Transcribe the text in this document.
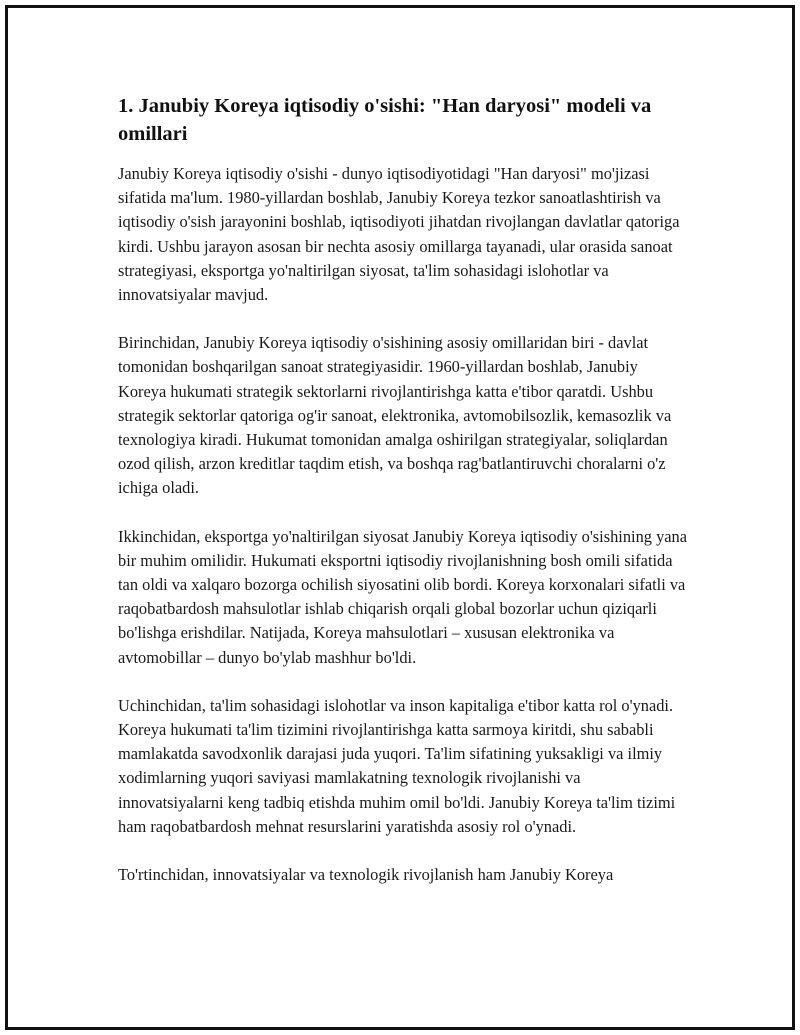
1. Janubiy Koreya iqtisodiy o'sishi: "Han daryosi" modeli va omillari

Janubiy Koreya iqtisodiy o'sishi - dunyo iqtisodiyotidagi "Han daryosi" mo'jizasi sifatida ma'lum. 1980-yillardan boshlab, Janubiy Koreya tezkor sanoatlashtirish va iqtisodiy o'sish jarayonini boshlab, iqtisodiyoti jihatdan rivojlangan davlatlar qatoriga kirdi. Ushbu jarayon asosan bir nechta asosiy omillarga tayanadi, ular orasida sanoat strategiyasi, eksportga yo'naltirilgan siyosat, ta'lim sohasidagi islohotlar va innovatsiyalar mavjud.

Birinchidan, Janubiy Koreya iqtisodiy o'sishining asosiy omillaridan biri - davlat tomonidan boshqarilgan sanoat strategiyasidir. 1960-yillardan boshlab, Janubiy Koreya hukumati strategik sektorlarni rivojlantirishga katta e'tibor qaratdi. Ushbu strategik sektorlar qatoriga og'ir sanoat, elektronika, avtomobilsozlik, kemasozlik va texnologiya kiradi. Hukumat tomonidan amalga oshirilgan strategiyalar, soliqlardan ozod qilish, arzon kreditlar taqdim etish, va boshqa rag'batlantiruvchi choralarni o'z ichiga oladi.

Ikkinchidan, eksportga yo'naltirilgan siyosat Janubiy Koreya iqtisodiy o'sishining yana bir muhim omilidir. Hukumati eksportni iqtisodiy rivojlanishning bosh omili sifatida tan oldi va xalqaro bozorga ochilish siyosatini olib bordi. Koreya korxonalari sifatli va raqobatbardosh mahsulotlar ishlab chiqarish orqali global bozorlar uchun qiziqarli bo'lishga erishdilar. Natijada, Koreya mahsulotlari – xususan elektronika va avtomobillar – dunyo bo'ylab mashhur bo'ldi.

Uchinchidan, ta'lim sohasidagi islohotlar va inson kapitaliga e'tibor katta rol o'ynadi. Koreya hukumati ta'lim tizimini rivojlantirishga katta sarmoya kiritdi, shu sababli mamlakatda savodxonlik darajasi juda yuqori. Ta'lim sifatining yuksakligi va ilmiy xodimlarning yuqori saviyasi mamlakatning texnologik rivojlanishi va innovatsiyalarni keng tadbiq etishda muhim omil bo'ldi. Janubiy Koreya ta'lim tizimi ham raqobatbardosh mehnat resurslarini yaratishda asosiy rol o'ynadi.

To'rtinchidan, innovatsiyalar va texnologik rivojlanish ham Janubiy Koreya
